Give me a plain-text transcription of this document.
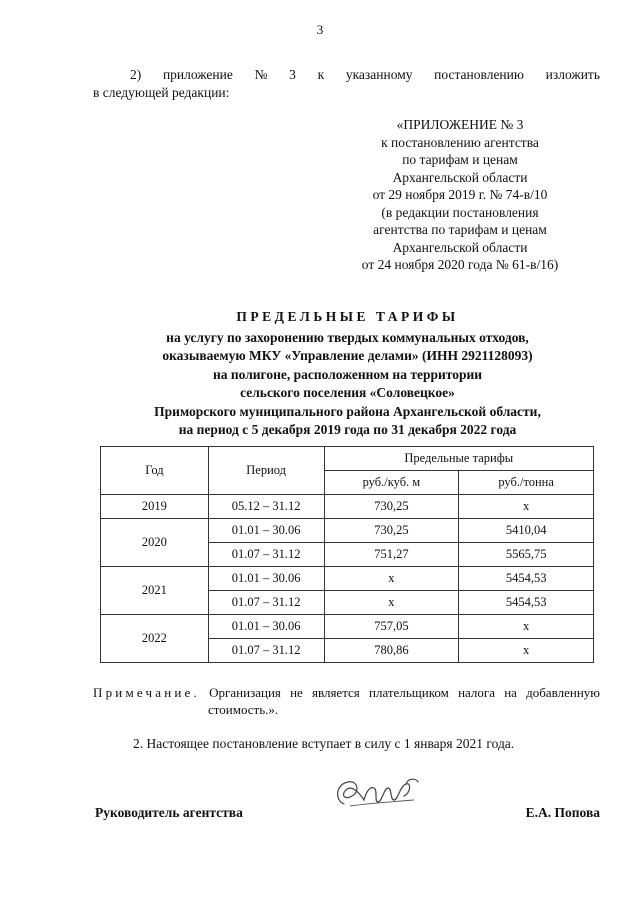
3
2) приложение № 3 к указанному постановлению изложить
в следующей редакции:
«ПРИЛОЖЕНИЕ № 3
к постановлению агентства
по тарифам и ценам
Архангельской области
от 29 ноября 2019 г. № 74-в/10
(в редакции постановления
агентства по тарифам и ценам
Архангельской области
от 24 ноября 2020 года № 61-в/16)
ПРЕДЕЛЬНЫЕ ТАРИФЫ
на услугу по захоронению твердых коммунальных отходов,
оказываемую МКУ «Управление делами» (ИНН 2921128093)
на полигоне, расположенном на территории
сельского поселения «Соловецкое»
Приморского муниципального района Архангельской области,
на период с 5 декабря 2019 года по 31 декабря 2022 года
Год	Период	Предельные тарифы	
		руб./куб. м	руб./тонна
2019	05.12 – 31.12	730,25	х
2020	01.01 – 30.06	730,25	5410,04
	01.07 – 31.12	751,27	5565,75
2021	01.01 – 30.06	х	5454,53
	01.07 – 31.12	х	5454,53
2022	01.01 – 30.06	757,05	х
	01.07 – 31.12	780,86	х
Примечание. Организация не является плательщиком налога на добавленную
стоимость.».
2. Настоящее постановление вступает в силу с 1 января 2021 года.
Руководитель агентства	Е.А. Попова
